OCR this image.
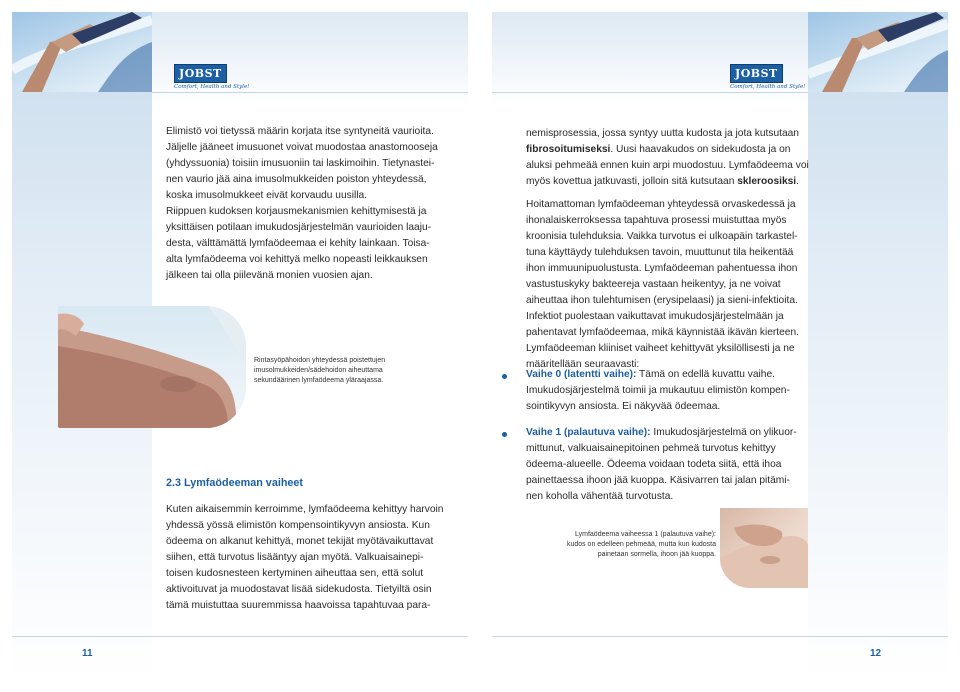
JOBST
Comfort, Health and Style!

Elimistö voi tietyssä määrin korjata itse syntyneitä vaurioita.
Jäljelle jääneet imusuonet voivat muodostaa anastomooseja
(yhdyssuonia) toisiin imusuoniin tai laskimoihin. Tietynastei-
nen vaurio jää aina imusolmukkeiden poiston yhteydessä,
koska imusolmukkeet eivät korvaudu uusilla.

Riippuen kudoksen korjausmekanismien kehittymisestä ja
yksittäisen potilaan imukudosjärjestelmän vaurioiden laaju-
desta, välttämättä lymfaödeemaa ei kehity lainkaan. Toisa-
alta lymfaödeema voi kehittyä melko nopeasti leikkauksen
jälkeen tai olla piilevänä monien vuosien ajan.

Rintasyöpähoidon yhteydessä poistettujen
imusolmukkeiden/sädehoidon aiheuttama
sekundäärinen lymfaödeema yläraajassa.
2.3 Lymfaödeeman vaiheet
Kuten aikaisemmin kerroimme, lymfaödeema kehittyy harvoin
yhdessä yössä elimistön kompensointikyvyn ansiosta. Kun
ödeema on alkanut kehittyä, monet tekijät myötävaikuttavat
siihen, että turvotus lisääntyy ajan myötä. Valkuaisainepi-
toisen kudosnesteen kertyminen aiheuttaa sen, että solut
aktivoituvat ja muodostavat lisää sidekudosta. Tietyiltä osin
tämä muistuttaa suuremmissa haavoissa tapahtuvaa para-
11
JOBST
Comfort, Health and Style!
nemisprosessia, jossa syntyy uutta kudosta ja jota kutsutaan
fibrosoitumiseksi. Uusi haavakudos on sidekudosta ja on
aluksi pehmeää ennen kuin arpi muodostuu. Lymfaödeema voi
myös kovettua jatkuvasti, jolloin sitä kutsutaan skleroosiksi.
Hoitamattoman lymfaödeeman yhteydessä orvaskedessä ja
ihonalaiskerroksessa tapahtuva prosessi muistuttaa myös
kroonisia tulehduksia. Vaikka turvotus ei ulkoapäin tarkastel-
tuna käyttäydy tulehduksen tavoin, muuttunut tila heikentää
ihon immuunipuolustusta. Lymfaödeeman pahentuessa ihon
vastustuskyky bakteereja vastaan heikentyy, ja ne voivat
aiheuttaa ihon tulehtumisen (erysipelaasi) ja sieni-infektioita.
Infektiot puolestaan vaikuttavat imukudosjärjestelmään ja
pahentavat lymfaödeemaa, mikä käynnistää ikävän kierteen.
Lymfaödeeman kliiniset vaiheet kehittyvät yksilöllisesti ja ne
määritellään seuraavasti:
Vaihe 0 (latentti vaihe): Tämä on edellä kuvattu vaihe.
Imukudosjärjestelmä toimii ja mukautuu elimistön kompen-
sointikyvyn ansiosta. Ei näkyvää ödeemaa.
Vaihe 1 (palautuva vaihe): Imukudosjärjestelmä on ylikuor-
mittunut, valkuaisainepitoinen pehmeä turvotus kehittyy
ödeema-alueelle. Ödeema voidaan todeta siitä, että ihoa
painettaessa ihoon jää kuoppa. Käsivarren tai jalan pitämi-
nen koholla vähentää turvotusta.
Lymfaödeema vaiheessa 1 (palautuva vaihe):
kudos on edelleen pehmeää, mutta kun kudosta
painetaan sormella, ihoon jää kuoppa.
12
